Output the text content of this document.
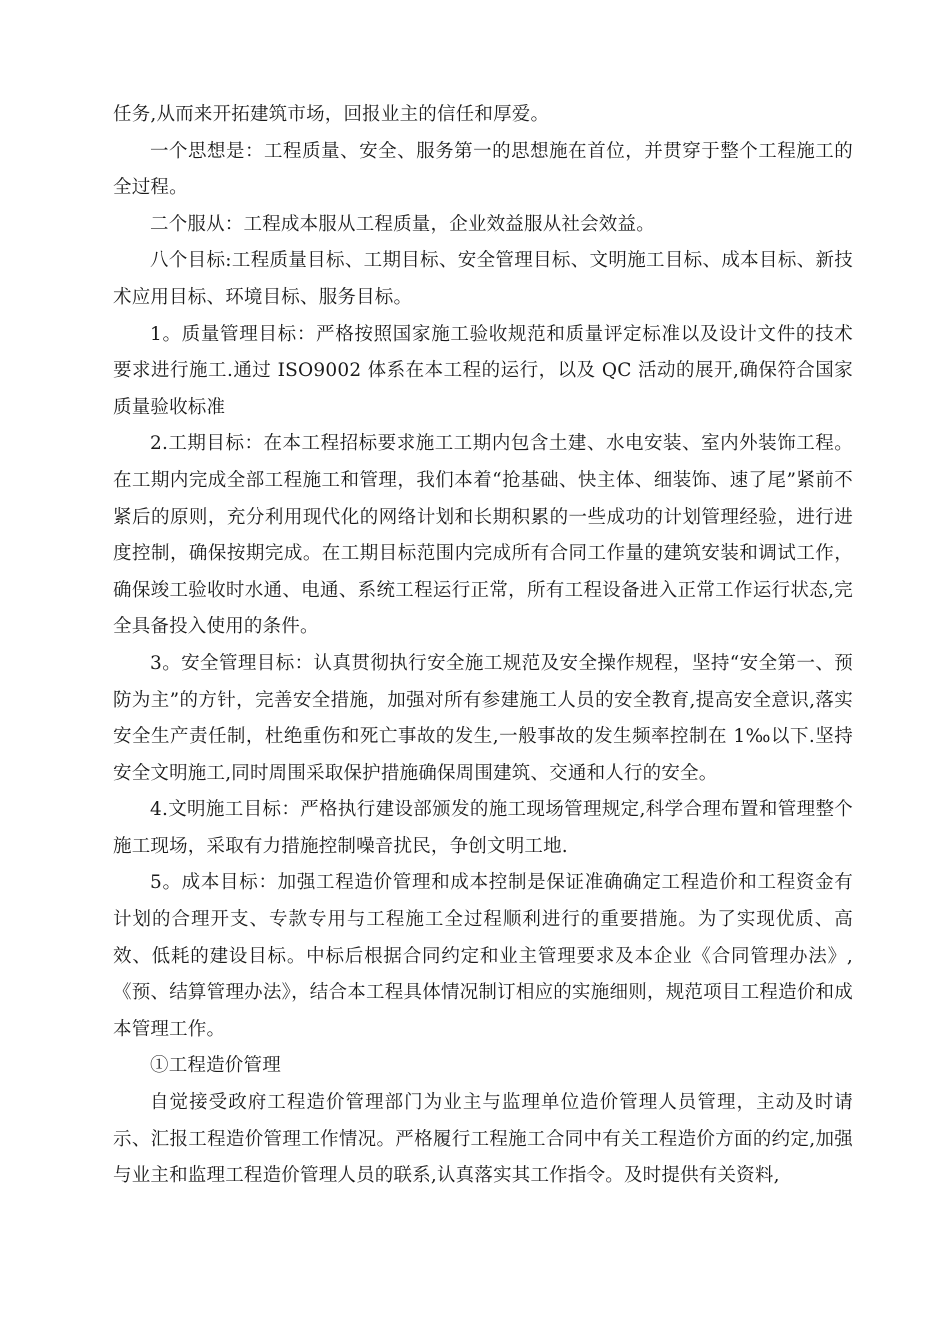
任务,从而来开拓建筑市场，回报业主的信任和厚爱。

一个思想是：工程质量、安全、服务第一的思想施在首位，并贯穿于整个工程施工的全过程。

二个服从：工程成本服从工程质量，企业效益服从社会效益。

八个目标:工程质量目标、工期目标、安全管理目标、文明施工目标、成本目标、新技术应用目标、环境目标、服务目标。

1。质量管理目标：严格按照国家施工验收规范和质量评定标准以及设计文件的技术要求进行施工.通过 ISO9002 体系在本工程的运行，以及 QC 活动的展开,确保符合国家质量验收标准

2.工期目标：在本工程招标要求施工工期内包含土建、水电安装、室内外装饰工程。在工期内完成全部工程施工和管理，我们本着“抢基础、快主体、细装饰、速了尾”紧前不紧后的原则，充分利用现代化的网络计划和长期积累的一些成功的计划管理经验，进行进度控制，确保按期完成。在工期目标范围内完成所有合同工作量的建筑安装和调试工作，确保竣工验收时水通、电通、系统工程运行正常，所有工程设备进入正常工作运行状态,完全具备投入使用的条件。

3。安全管理目标：认真贯彻执行安全施工规范及安全操作规程，坚持“安全第一、预防为主”的方针，完善安全措施，加强对所有参建施工人员的安全教育,提高安全意识,落实安全生产责任制，杜绝重伤和死亡事故的发生,一般事故的发生频率控制在 1‰以下.坚持安全文明施工,同时周围采取保护措施确保周围建筑、交通和人行的安全。

4.文明施工目标：严格执行建设部颁发的施工现场管理规定,科学合理布置和管理整个施工现场，采取有力措施控制噪音扰民，争创文明工地.

5。成本目标：加强工程造价管理和成本控制是保证准确确定工程造价和工程资金有计划的合理开支、专款专用与工程施工全过程顺利进行的重要措施。为了实现优质、高效、低耗的建设目标。中标后根据合同约定和业主管理要求及本企业《合同管理办法》,《预、结算管理办法》，结合本工程具体情况制订相应的实施细则，规范项目工程造价和成本管理工作。

①工程造价管理

自觉接受政府工程造价管理部门为业主与监理单位造价管理人员管理，主动及时请示、汇报工程造价管理工作情况。严格履行工程施工合同中有关工程造价方面的约定,加强与业主和监理工程造价管理人员的联系,认真落实其工作指令。及时提供有关资料,
